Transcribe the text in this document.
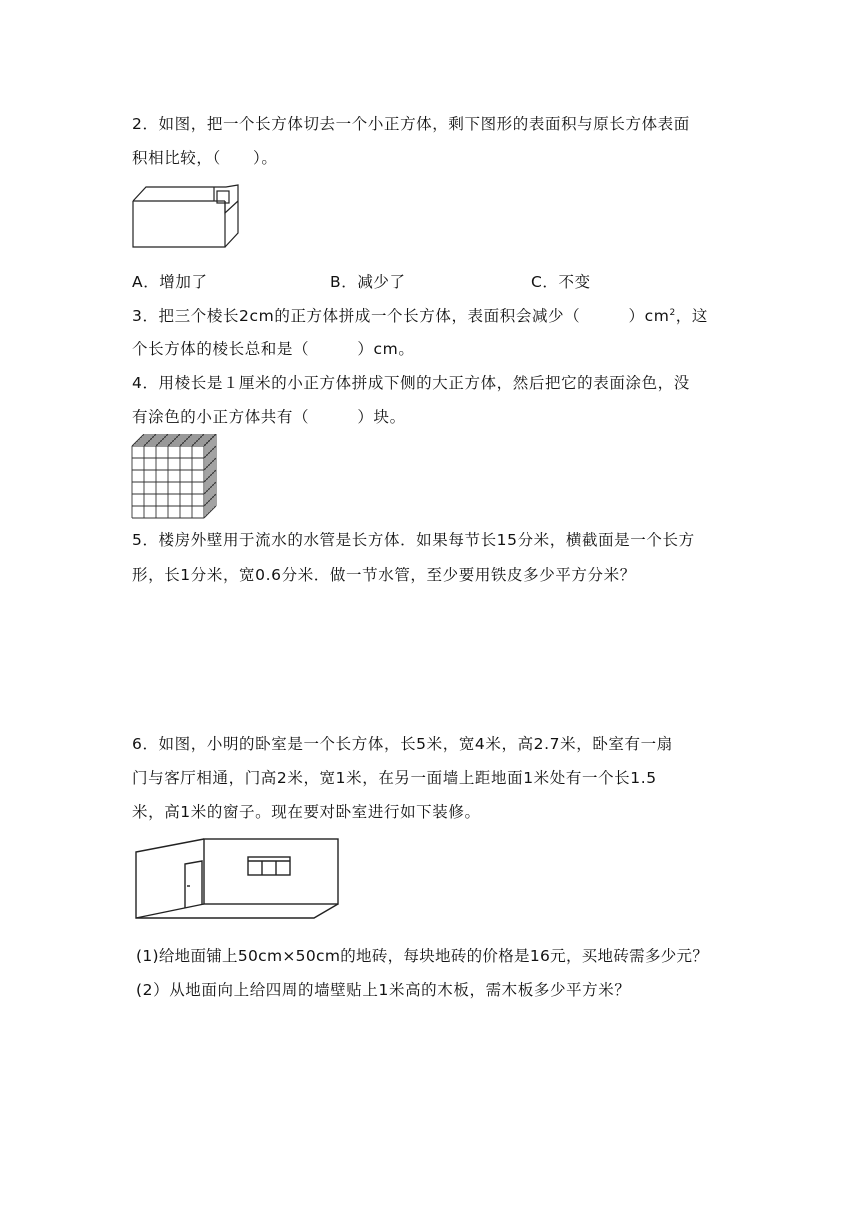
2．如图，把一个长方体切去一个小正方体，剩下图形的表面积与原长方体表面
积相比较，（　　）。
A．增加了	B．减少了	C．不变
3．把三个棱长2cm的正方体拼成一个长方体，表面积会减少（　　　）$cm^2$，这
个长方体的棱长总和是（　　　）cm。
4．用棱长是１厘米的小正方体拼成下侧的大正方体，然后把它的表面涂色，没
有涂色的小正方体共有（　　　）块。
5．楼房外壁用于流水的水管是长方体．如果每节长15分米，横截面是一个长方
形，长1分米，宽0.6分米．做一节水管，至少要用铁皮多少平方分米？
6．如图，小明的卧室是一个长方体，长5米，宽4米，高2.7米，卧室有一扇
门与客厅相通，门高2米，宽1米，在另一面墙上距地面1米处有一个长1.5
米，高1米的窗子。现在要对卧室进行如下装修。
(1)给地面铺上50cm×50cm的地砖，每块地砖的价格是16元，买地砖需多少元？
(2）从地面向上给四周的墙壁贴上1米高的木板，需木板多少平方米？
